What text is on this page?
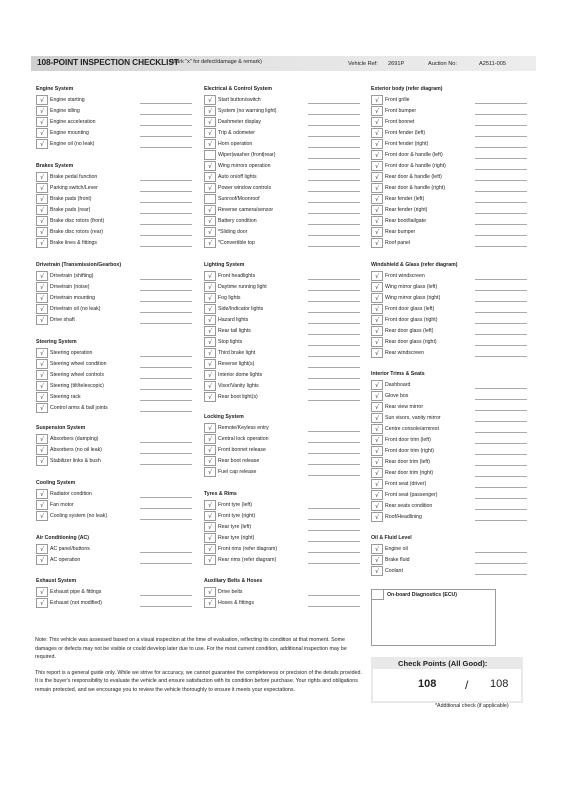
108-POINT INSPECTION CHECKLIST
(Mark "x" for defect/damage & remark)	Vehicle Ref: 2691P	Auction No:	A2511-005
Engine System
√	Engine starting
√	Engine idling
√	Engine acceleration
√	Engine mounting
√	Engine oil (no leak)
Brakes System
√	Brake pedal function
√	Parking switch/Lever
√	Brake pads (front)
√	Brake pads (rear)
√	Brake disc rotors (front)
√	Brake disc rotors (rear)
√	Brake lines & fittings
Drivetrain (Transmission/Gearbox)
√	Drivetrain (shifting)
√	Drivetrain (noise)
√	Drivetrain mounting
√	Drivetrain oil (no leak)
√	Drive shaft
Steering System
√	Steering operation
√	Steering wheel condition
√	Steering wheel controls
√	Steering (tilt/telescopic)
√	Steering rack
√	Control arms & ball joints
Suspension System
√	Absorbers (damping)
√	Absorbers (no oil leak)
√	Stabilizer links & bush
Cooling System
√	Radiator condition
√	Fan motor
√	Cooling system (no leak)
Air Conditioning (AC)
√	AC panel/buttons
√	AC operation
Exhaust System
√	Exhaust pipe & fittings
√	Exhaust (not modified)
Electrical & Control System
√	Start button/switch
√	System (no warning light)
√	Dashmeter display
√	Trip & odometer
√	Horn operation
Wiper|washer (front|rear)
√	Wing mirrors operation
√	Auto on/off lights
√	Power window controls
Sunroof/Moonroof
√	Reverse camera/sensor
√	Battery condition
√	*Sliding door
√	*Convertible top
Lighting System
√	Front headlights
√	Daytime running light
√	Fog lights
√	Side/Indicator lights
√	Hazard lights
√	Rear tail lights
√	Stop lights
√	Third brake light
√	Reverse light(s)
√	Interior dome lights
√	Visor/Vanity lights
√	Rear boot light(s)
Locking System
√	Remote/Keyless entry
√	Central lock operation
√	Front bonnet release
√	Rear boot release
√	Fuel cap release
Tyres & Rims
√	Front tyre (left)
√	Front tyre (right)
√	Rear tyre (left)
√	Rear tyre (right)
√	Front rims (refer diagram)
√	Rear rims (refer diagram)
Auxiliary Belts & Hoses
√	Drive belts
√	Hoses & fittings
Exterior body (refer diagram)
√	Front grille
√	Front bumper
√	Front bonnet
√	Front fender (left)
√	Front fender (right)
√	Front door & handle (left)
√	Front door & handle (right)
√	Rear door & handle (left)
√	Rear door & handle (right)
√	Rear fender (left)
√	Rear fender (right)
√	Rear boot/tailgate
√	Rear bumper
√	Roof panel
Windshield & Glass (refer diagram)
√	Front windscreen
√	Wing mirror glass (left)
√	Wing mirror glass (right)
√	Front door glass (left)
√	Front door glass (right)
√	Rear door glass (left)
√	Rear door glass (right)
√	Rear windscreen
Interior Trims & Seats
√	Dashboard
√	Glove box
√	Rear view mirror
√	Sun visors, vanity mirror
√	Centre console/armrest
√	Front door trim (left)
√	Front door trim (right)
√	Rear door trim (left)
√	Rear door trim (right)
√	Front seat (driver)
√	Front seat (passenger)
√	Rear seats condition
√	Roof/Headlining
Oil & Fluid Level
√	Engine oil
√	Brake fluid
√	Coolant
On-board Diagnostics (ECU)

Note: This vehicle was assessed based on a visual inspection at the time of evaluation, reflecting its condition at that moment. Some damages or defects may not be visible or could develop later due to use. For the most current condition, additional inspection may be required.

This report is a general guide only. While we strive for accuracy, we cannot guarantee the completeness or precision of the details provided. It is the buyer's responsibility to evaluate the vehicle and ensure satisfaction with its condition before purchase. Your rights and obligations remain protected, and we encourage you to review the vehicle thoroughly to ensure it meets your expectations.

Check Points (All Good):
108 / 108
*Additional check (if applicable)
